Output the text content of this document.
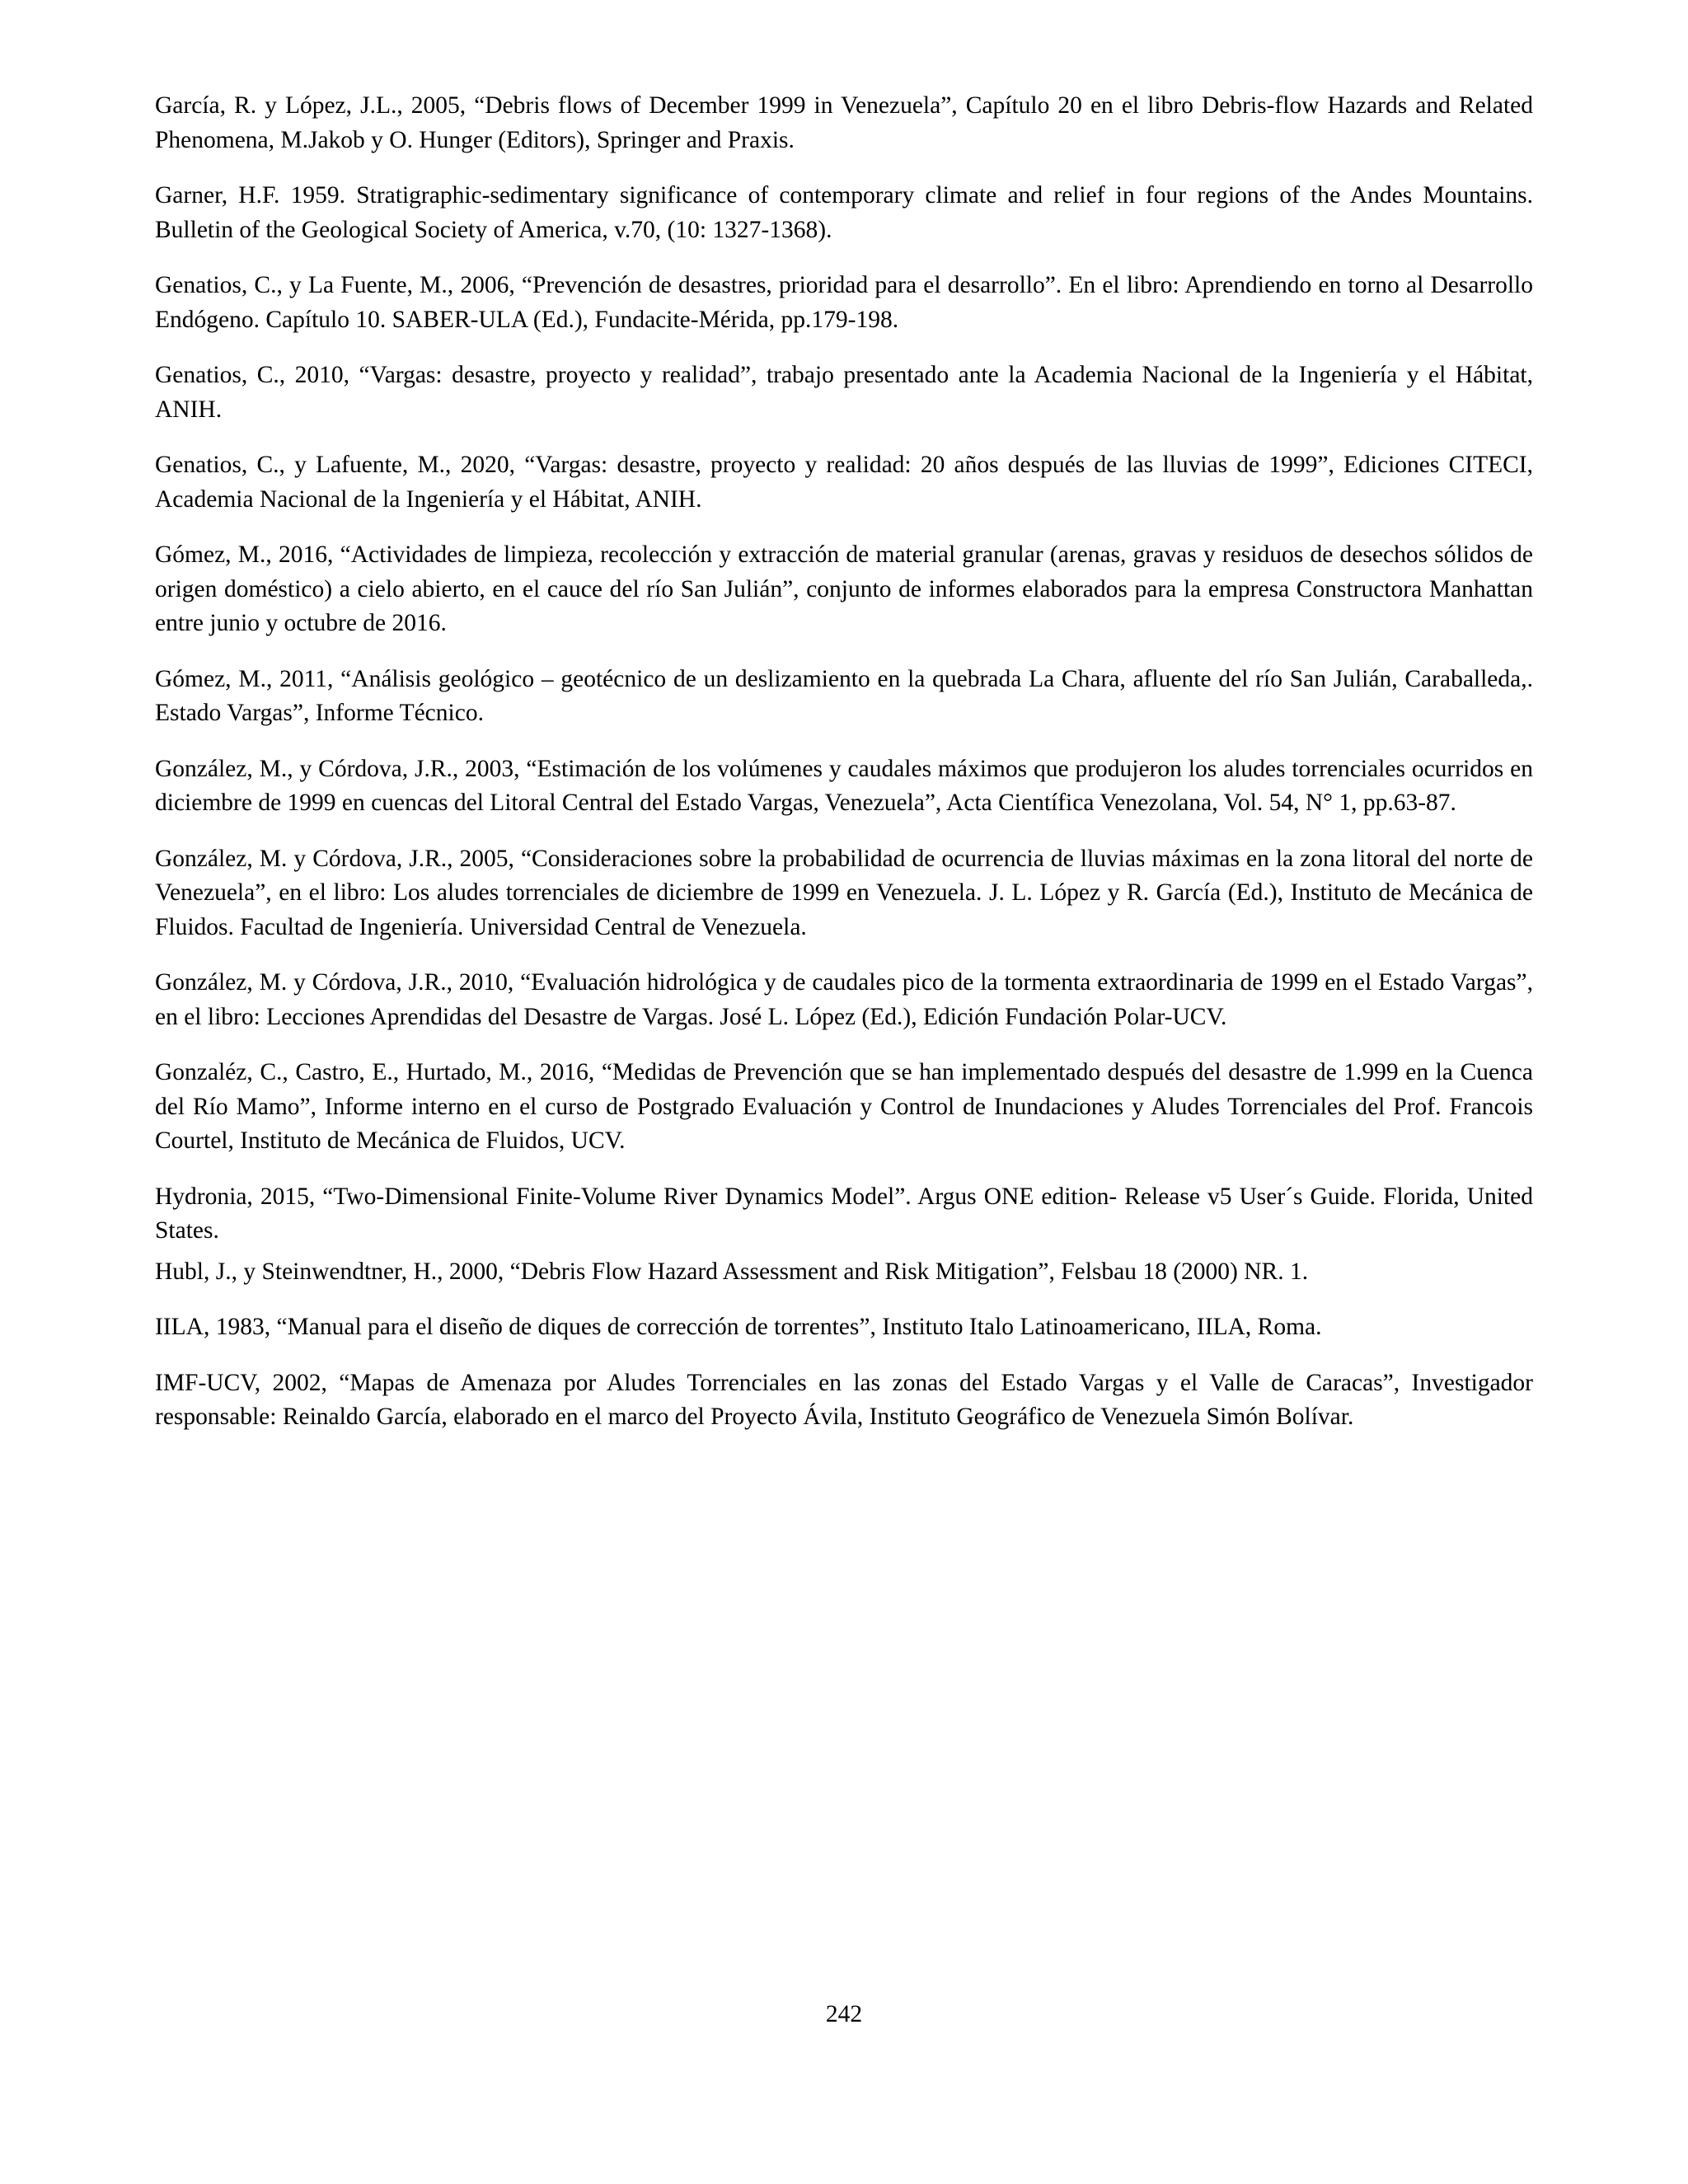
García, R. y López, J.L., 2005, “Debris flows of December 1999 in Venezuela”, Capítulo 20 en el libro Debris-flow Hazards and Related Phenomena, M.Jakob y O. Hunger (Editors), Springer and Praxis.

Garner, H.F. 1959. Stratigraphic-sedimentary significance of contemporary climate and relief in four regions of the Andes Mountains. Bulletin of the Geological Society of America, v.70, (10: 1327-1368).

Genatios, C., y La Fuente, M., 2006, “Prevención de desastres, prioridad para el desarrollo”. En el libro: Aprendiendo en torno al Desarrollo Endógeno. Capítulo 10. SABER-ULA (Ed.), Fundacite-Mérida, pp.179-198.

Genatios, C., 2010, “Vargas: desastre, proyecto y realidad”, trabajo presentado ante la Academia Nacional de la Ingeniería y el Hábitat, ANIH.

Genatios, C., y Lafuente, M., 2020, “Vargas: desastre, proyecto y realidad: 20 años después de las lluvias de 1999”, Ediciones CITECI, Academia Nacional de la Ingeniería y el Hábitat, ANIH.

Gómez, M., 2016, “Actividades de limpieza, recolección y extracción de material granular (arenas, gravas y residuos de desechos sólidos de origen doméstico) a cielo abierto, en el cauce del río San Julián”, conjunto de informes elaborados para la empresa Constructora Manhattan entre junio y octubre de 2016.

Gómez, M., 2011, “Análisis geológico – geotécnico de un deslizamiento en la quebrada La Chara, afluente del río San Julián, Caraballeda,. Estado Vargas”, Informe Técnico.

González, M., y Córdova, J.R., 2003, “Estimación de los volúmenes y caudales máximos que produjeron los aludes torrenciales ocurridos en diciembre de 1999 en cuencas del Litoral Central del Estado Vargas, Venezuela”, Acta Científica Venezolana, Vol. 54, N° 1, pp.63-87.

González, M. y Córdova, J.R., 2005, “Consideraciones sobre la probabilidad de ocurrencia de lluvias máximas en la zona litoral del norte de Venezuela”, en el libro: Los aludes torrenciales de diciembre de 1999 en Venezuela. J. L. López y R. García (Ed.), Instituto de Mecánica de Fluidos. Facultad de Ingeniería. Universidad Central de Venezuela.

González, M. y Córdova, J.R., 2010, “Evaluación hidrológica y de caudales pico de la tormenta extraordinaria de 1999 en el Estado Vargas”, en el libro: Lecciones Aprendidas del Desastre de Vargas. José L. López (Ed.), Edición Fundación Polar-UCV.

Gonzaléz, C., Castro, E., Hurtado, M., 2016, “Medidas de Prevención que se han implementado después del desastre de 1.999 en la Cuenca del Río Mamo”, Informe interno en el curso de Postgrado Evaluación y Control de Inundaciones y Aludes Torrenciales del Prof. Francois Courtel, Instituto de Mecánica de Fluidos, UCV.

Hydronia, 2015, “Two-Dimensional Finite-Volume River Dynamics Model”. Argus ONE edition- Release v5 User´s Guide. Florida, United States.

Hubl, J., y Steinwendtner, H., 2000, “Debris Flow Hazard Assessment and Risk Mitigation”, Felsbau 18 (2000) NR. 1.

IILA, 1983, “Manual para el diseño de diques de corrección de torrentes”, Instituto Italo Latinoamericano, IILA, Roma.

IMF-UCV, 2002, “Mapas de Amenaza por Aludes Torrenciales en las zonas del Estado Vargas y el Valle de Caracas”, Investigador responsable: Reinaldo García, elaborado en el marco del Proyecto Ávila, Instituto Geográfico de Venezuela Simón Bolívar.

242
